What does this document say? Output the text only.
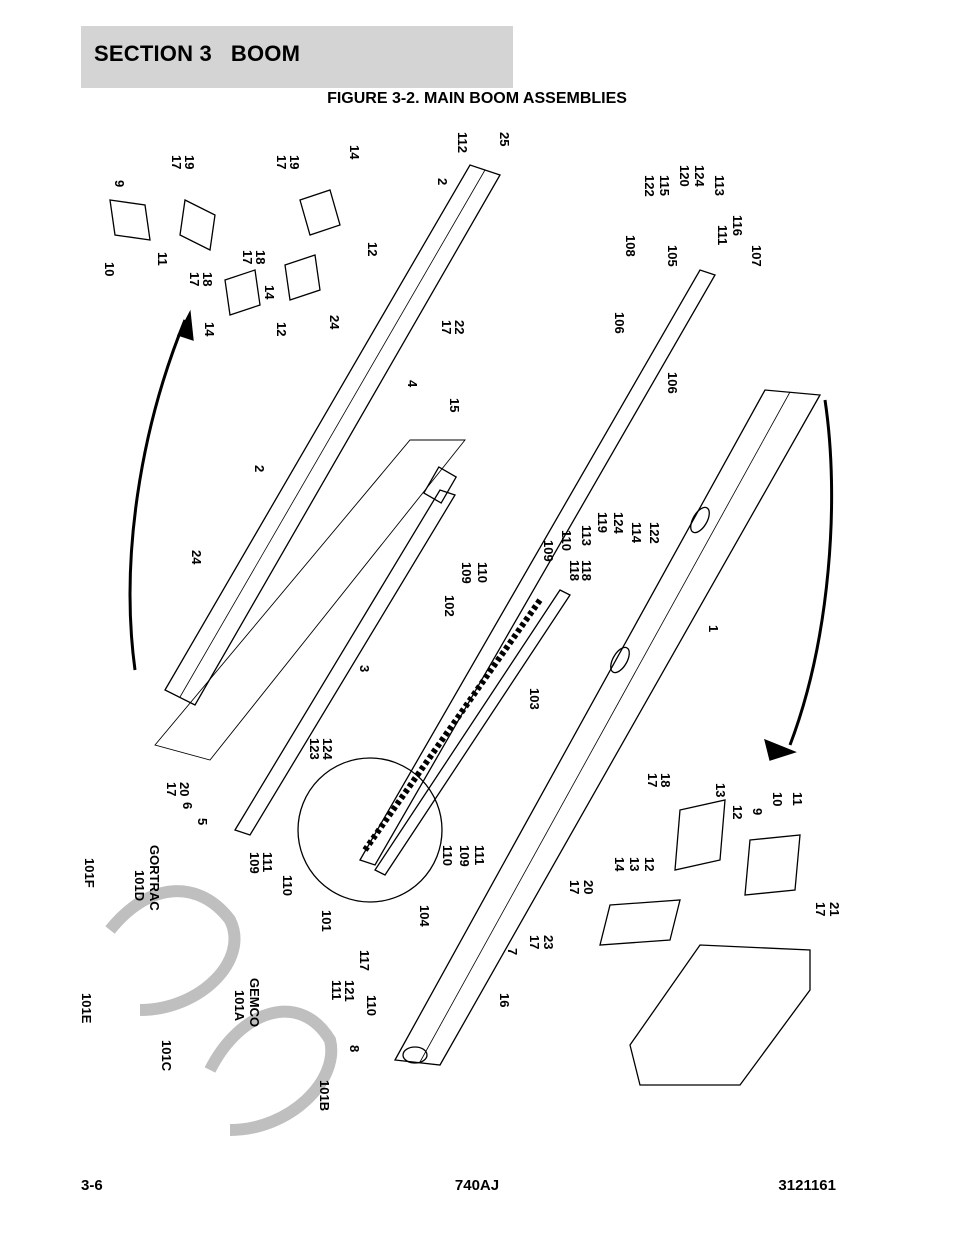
SECTION 3   BOOM
FIGURE 3-2. MAIN BOOM ASSEMBLIES
9
17
19	17
19
14	112 25
2
12
10
11
17
18
17
18
14
14	12	24	17
22
4
15
122 115 120 124 113
108 105
111 116
107
106
106
2
24
109 110
102
109 110 113
118
118
119 124 114 122
1
3
103
123
124
17
20
6
5
109
111
110
101
110 109 111
104
17
18
13
12 9
10 11
17 20
14 13 12
17 21
101F	101D GORTRAC
101E
101C
101A GEMCO
101B
111
121
117
110
8
16
7
17 23
3-6	740AJ	3121161
